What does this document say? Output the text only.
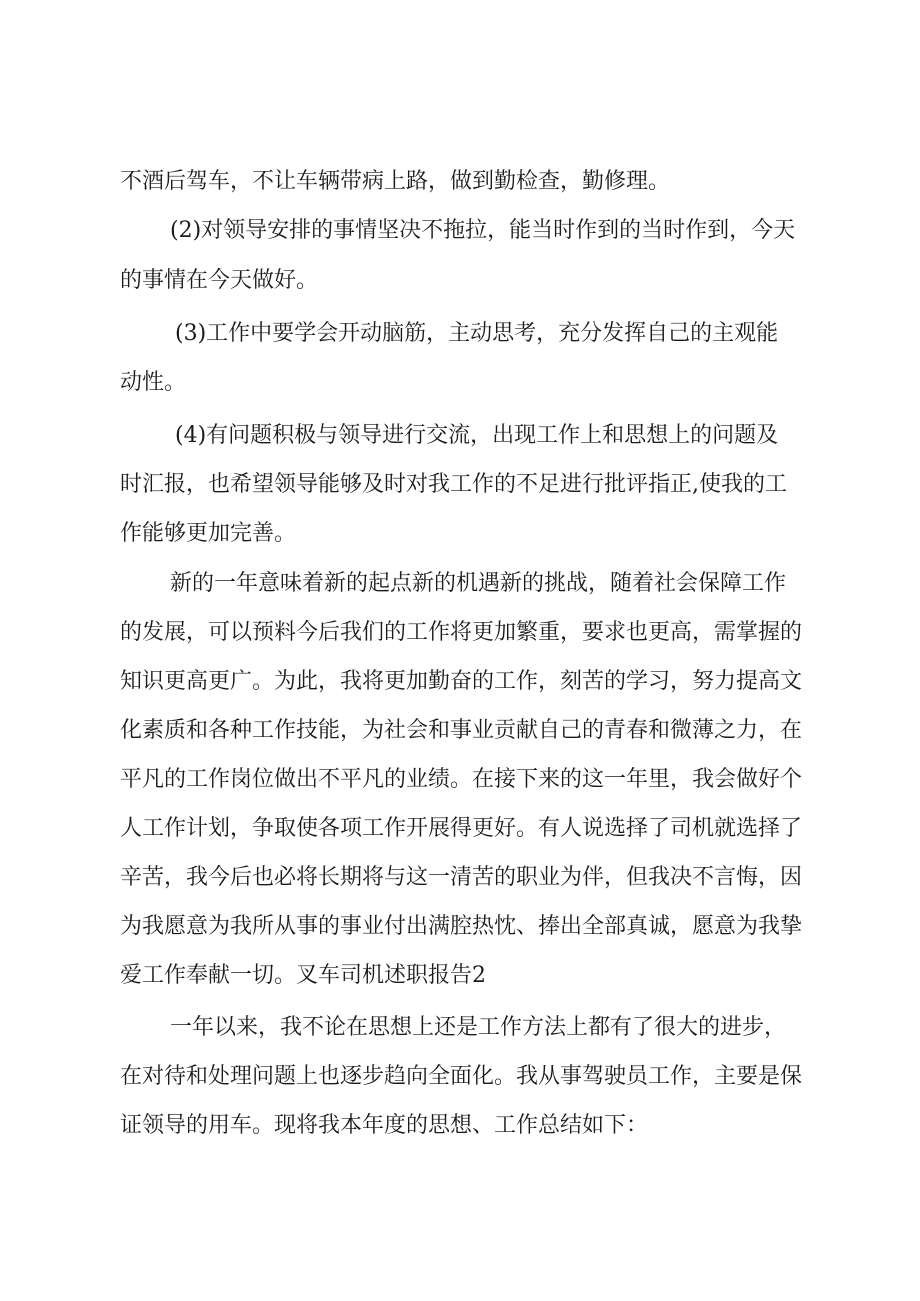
不酒后驾车，不让车辆带病上路，做到勤检查，勤修理。

(2)对领导安排的事情坚决不拖拉，能当时作到的当时作到，今天

的事情在今天做好。

(3)工作中要学会开动脑筋，主动思考，充分发挥自己的主观能

动性。

(4)有问题积极与领导进行交流，出现工作上和思想上的问题及

时汇报，也希望领导能够及时对我工作的不足进行批评指正,使我的工

作能够更加完善。

新的一年意味着新的起点新的机遇新的挑战，随着社会保障工作

的发展，可以预料今后我们的工作将更加繁重，要求也更高，需掌握的

知识更高更广。为此，我将更加勤奋的工作，刻苦的学习，努力提高文

化素质和各种工作技能，为社会和事业贡献自己的青春和微薄之力，在

平凡的工作岗位做出不平凡的业绩。在接下来的这一年里，我会做好个

人工作计划，争取使各项工作开展得更好。有人说选择了司机就选择了

辛苦，我今后也必将长期将与这一清苦的职业为伴，但我决不言悔，因

为我愿意为我所从事的事业付出满腔热忱、捧出全部真诚，愿意为我挚

爱工作奉献一切。叉车司机述职报告2

一年以来，我不论在思想上还是工作方法上都有了很大的进步，

在对待和处理问题上也逐步趋向全面化。我从事驾驶员工作，主要是保

证领导的用车。现将我本年度的思想、工作总结如下：
